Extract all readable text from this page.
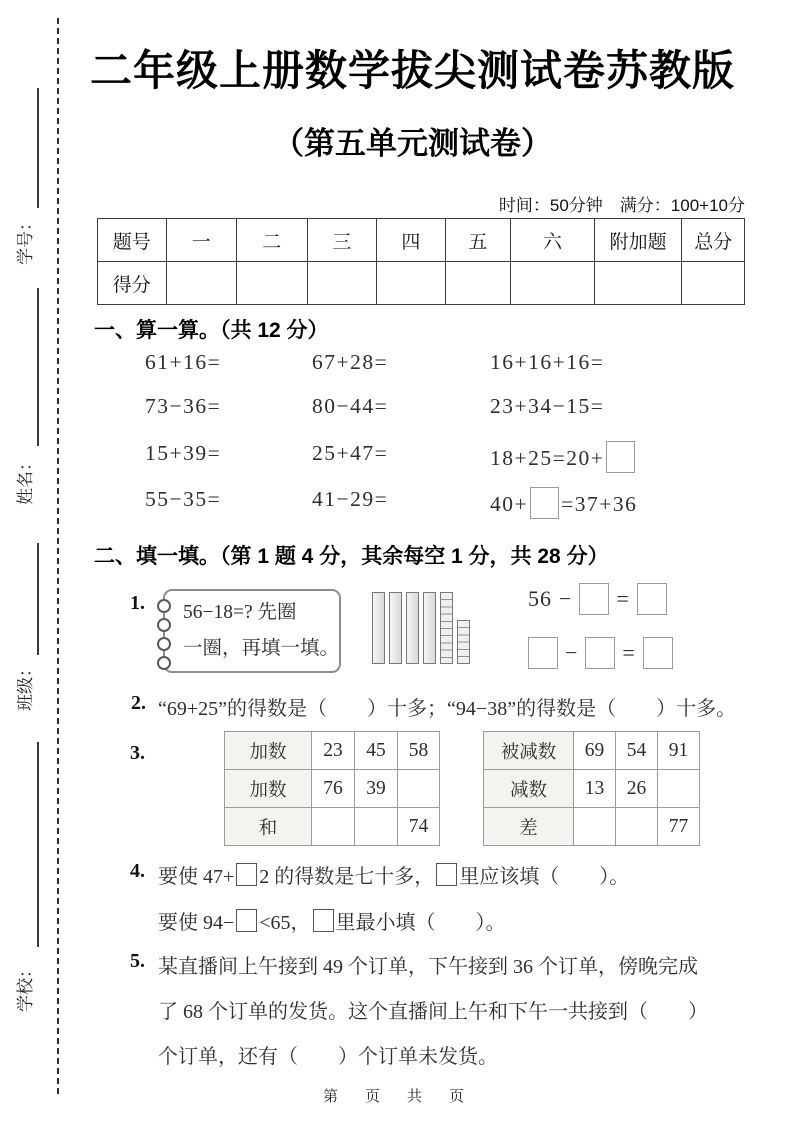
学号：
姓名：
班级：
学校：
二年级上册数学拔尖测试卷苏教版
（第五单元测试卷）
时间：50分钟　满分：100+10分
题号	一	二	三	四	五	六	附加题	总分
得分								
一、算一算。（共 12 分）
61+16=	67+28=	16+16+16=
73−36=	80−44=	23+34−15=
15+39=	25+47=	18+25=20+
55−35=	41−29=	40+ =37+36
二、填一填。（第 1 题 4 分，其余每空 1 分，共 28 分）
1. 56−18=? 先圈
一圈，再填一填。
56 − =
− =
2. “69+25”的得数是（　　）十多；“94−38”的得数是（　　）十多。
3.	加数	23	45	58
加数	76	39	
和			74
被减数	69	54	91
减数	13	26	
差			77
4. 要使 47+ 2 的得数是七十多， 里应该填（　　）。
要使 94− <65， 里最小填（　　）。
5. 某直播间上午接到 49 个订单，下午接到 36 个订单，傍晚完成
了 68 个订单的发货。这个直播间上午和下午一共接到（　　）
个订单，还有（　　）个订单未发货。
第　页　共　页
